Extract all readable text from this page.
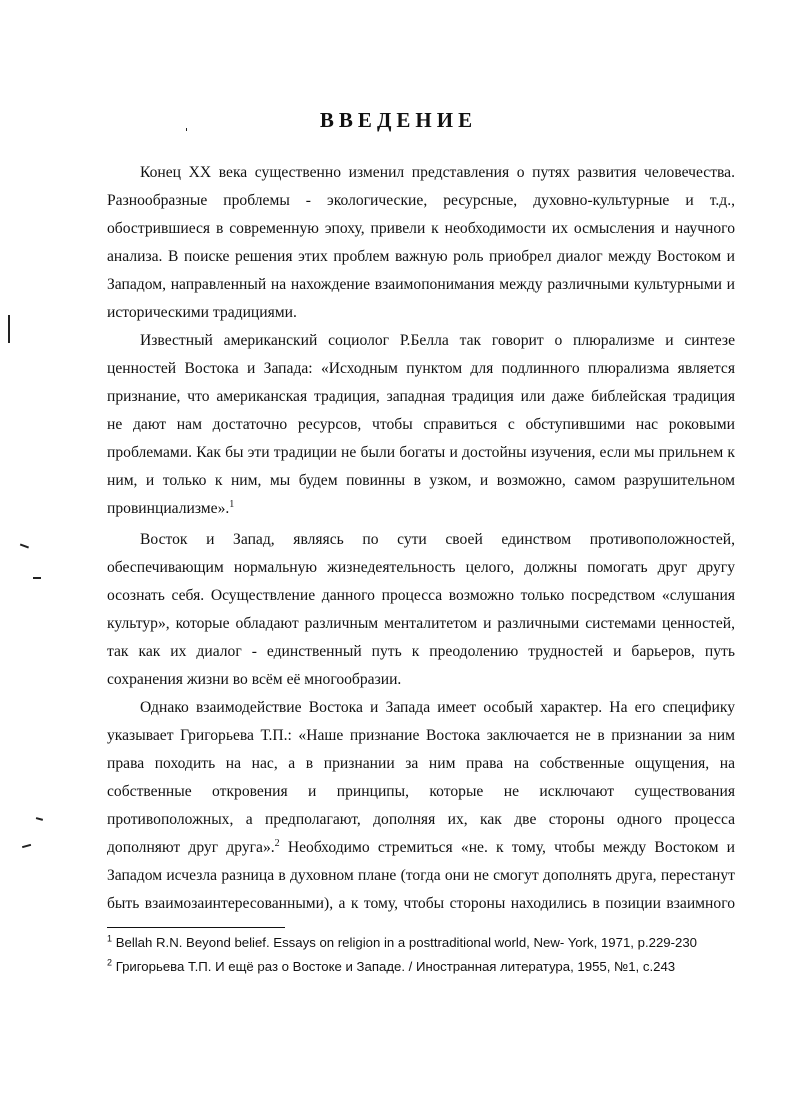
ВВЕДЕНИЕ
Конец XX века существенно изменил представления о путях развития человечества.
Разнообразные проблемы - экологические, ресурсные, духовно-культурные и т.д.,
обострившиеся в современную эпоху, привели к необходимости их осмысления и научного
анализа. В поиске решения этих проблем важную роль приобрел диалог между Востоком и
Западом, направленный на нахождение взаимопонимания между различными культурными и
историческими традициями.
Известный американский социолог Р.Белла так говорит о плюрализме и синтезе
ценностей Востока и Запада: «Исходным пунктом для подлинного плюрализма является
признание, что американская традиция, западная традиция или даже библейская традиция
не дают нам достаточно ресурсов, чтобы справиться с обступившими нас роковыми
проблемами. Как бы эти традиции не были богаты и достойны изучения, если мы прильнем к
ним, и только к ним, мы будем повинны в узком, и возможно, самом разрушительном
провинциализме».$^1$
Восток и Запад, являясь по сути своей единством противоположностей,
обеспечивающим нормальную жизнедеятельность целого, должны помогать друг другу
осознать себя. Осуществление данного процесса возможно только посредством «слушания
культур», которые обладают различным менталитетом и различными системами ценностей,
так как их диалог - единственный путь к преодолению трудностей и барьеров, путь
сохранения жизни во всём её многообразии.
Однако взаимодействие Востока и Запада имеет особый характер. На его специфику
указывает Григорьева Т.П.: «Наше признание Востока заключается не в признании за ним
права походить на нас, а в признании за ним права на собственные ощущения, на
собственные откровения и принципы, которые не исключают существования
противоположных, а предполагают, дополняя их, как две стороны одного процесса
дополняют друг друга».$^2$ Необходимо стремиться «не. к тому, чтобы между Востоком и
Западом исчезла разница в духовном плане (тогда они не смогут дополнять друга, перестанут
быть взаимозаинтересованными), а к тому, чтобы стороны находились в позиции взаимного
$^1$ Bellah R.N. Beyond belief. Essays on religion in a posttraditional world, New- York, 1971, p.229-230
$^2$ Григорьева Т.П. И ещё раз о Востоке и Западе. / Иностранная литература, 1955, №1, с.243
